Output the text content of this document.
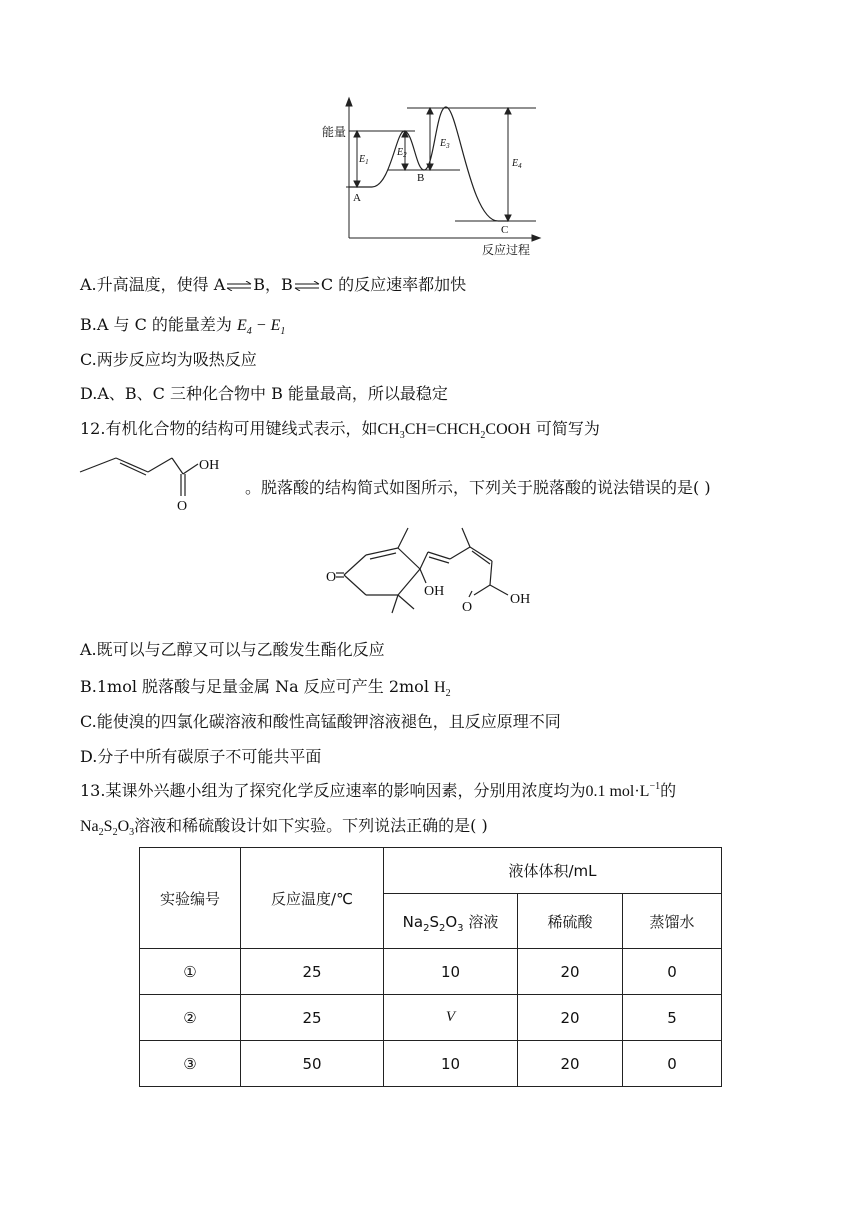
能量
反应过程
A
B
C
$E_1$
$E_2$
$E_3$
$E_4$
A.升高温度，使得 A⇌B，B⇌C 的反应速率都加快
B.A 与 C 的能量差为 $E_4 - E_1$
C.两步反应均为吸热反应
D.A、B、C 三种化合物中 B 能量最高，所以最稳定
12.有机化合物的结构可用键线式表示，如$CH_3CH=CHCH_2COOH$ 可简写为
OH
O
。脱落酸的结构简式如图所示，下列关于脱落酸的说法错误的是( )
O
OH
O
OH
A.既可以与乙醇又可以与乙酸发生酯化反应
B.1mol 脱落酸与足量金属 Na 反应可产生 2mol $H_2$
C.能使溴的四氯化碳溶液和酸性高锰酸钾溶液褪色，且反应原理不同
D.分子中所有碳原子不可能共平面
13.某课外兴趣小组为了探究化学反应速率的影响因素，分别用浓度均为0.1 $mol\cdot L^{-1}$的
$Na_2S_2O_3$溶液和稀硫酸设计如下实验。下列说法正确的是( )
实验编号	反应温度/℃	液体体积/mL		
		$Na_2S_2O_3$ 溶液	稀硫酸	蒸馏水
①	25	10	20	0
②	25	V	20	5
③	50	10	20	0
